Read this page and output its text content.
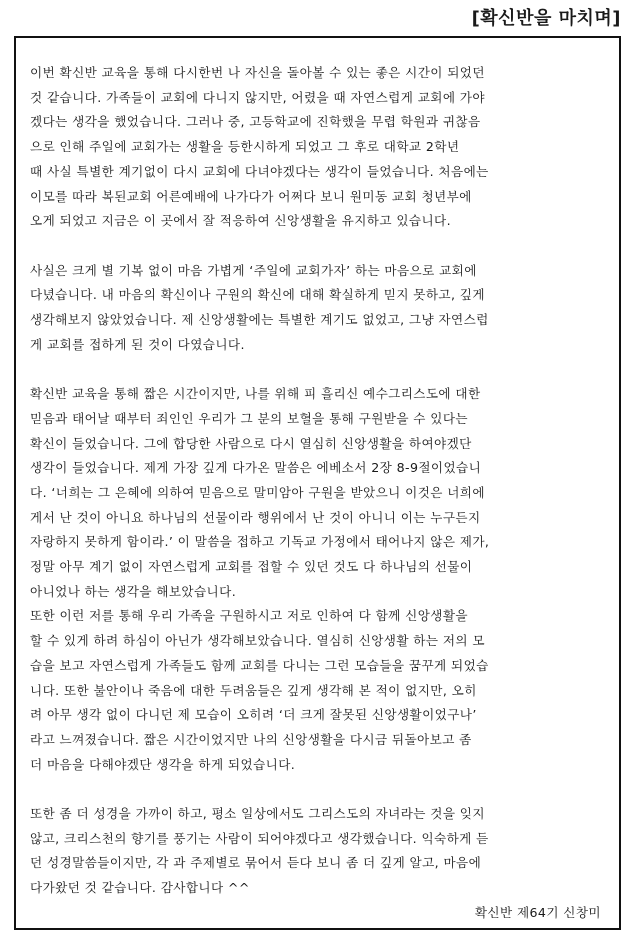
[확신반을 마치며]

이번 확신반 교육을 통해 다시한번 나 자신을 돌아볼 수 있는 좋은 시간이 되었던
것 같습니다. 가족들이 교회에 다니지 않지만, 어렸을 때 자연스럽게 교회에 가야
겠다는 생각을 했었습니다. 그러나 중, 고등학교에 진학했을 무렵 학원과 귀찮음
으로 인해 주일에 교회가는 생활을 등한시하게 되었고 그 후로 대학교 2학년
때 사실 특별한 계기없이 다시 교회에 다녀야겠다는 생각이 들었습니다. 처음에는
이모를 따라 복된교회 어른예배에 나가다가 어쩌다 보니 원미동 교회 청년부에
오게 되었고 지금은 이 곳에서 잘 적응하여 신앙생활을 유지하고 있습니다.

사실은 크게 별 기복 없이 마음 가볍게 ‘주일에 교회가자’ 하는 마음으로 교회에
다녔습니다. 내 마음의 확신이나 구원의 확신에 대해 확실하게 믿지 못하고, 깊게
생각해보지 않았었습니다. 제 신앙생활에는 특별한 계기도 없었고, 그냥 자연스럽
게 교회를 접하게 된 것이 다였습니다.

확신반 교육을 통해 짧은 시간이지만, 나를 위해 피 흘리신 예수그리스도에 대한
믿음과 태어날 때부터 죄인인 우리가 그 분의 보혈을 통해 구원받을 수 있다는
확신이 들었습니다. 그에 합당한 사람으로 다시 열심히 신앙생활을 하여야겠단
생각이 들었습니다. 제게 가장 깊게 다가온 말씀은 에베소서 2장 8-9절이었습니
다. ‘너희는 그 은혜에 의하여 믿음으로 말미암아 구원을 받았으니 이것은 너희에
게서 난 것이 아니요 하나님의 선물이라 행위에서 난 것이 아니니 이는 누구든지
자랑하지 못하게 함이라.’ 이 말씀을 접하고 기독교 가정에서 태어나지 않은 제가,
정말 아무 계기 없이 자연스럽게 교회를 접할 수 있던 것도 다 하나님의 선물이
아니었나 하는 생각을 해보았습니다.

또한 이런 저를 통해 우리 가족을 구원하시고 저로 인하여 다 함께 신앙생활을
할 수 있게 하려 하심이 아닌가 생각해보았습니다. 열심히 신앙생활 하는 저의 모
습을 보고 자연스럽게 가족들도 함께 교회를 다니는 그런 모습들을 꿈꾸게 되었습
니다. 또한 불안이나 죽음에 대한 두려움들은 깊게 생각해 본 적이 없지만, 오히
려 아무 생각 없이 다니던 제 모습이 오히려 ‘더 크게 잘못된 신앙생활이었구나’
라고 느껴졌습니다. 짧은 시간이었지만 나의 신앙생활을 다시금 뒤돌아보고 좀
더 마음을 다해야겠단 생각을 하게 되었습니다.

또한 좀 더 성경을 가까이 하고, 평소 일상에서도 그리스도의 자녀라는 것을 잊지
않고, 크리스천의 향기를 풍기는 사람이 되어야겠다고 생각했습니다. 익숙하게 듣
던 성경말씀들이지만, 각 과 주제별로 묶어서 듣다 보니 좀 더 깊게 알고, 마음에
다가왔던 것 같습니다. 감사합니다 ^^

확신반 제64기 신창미
